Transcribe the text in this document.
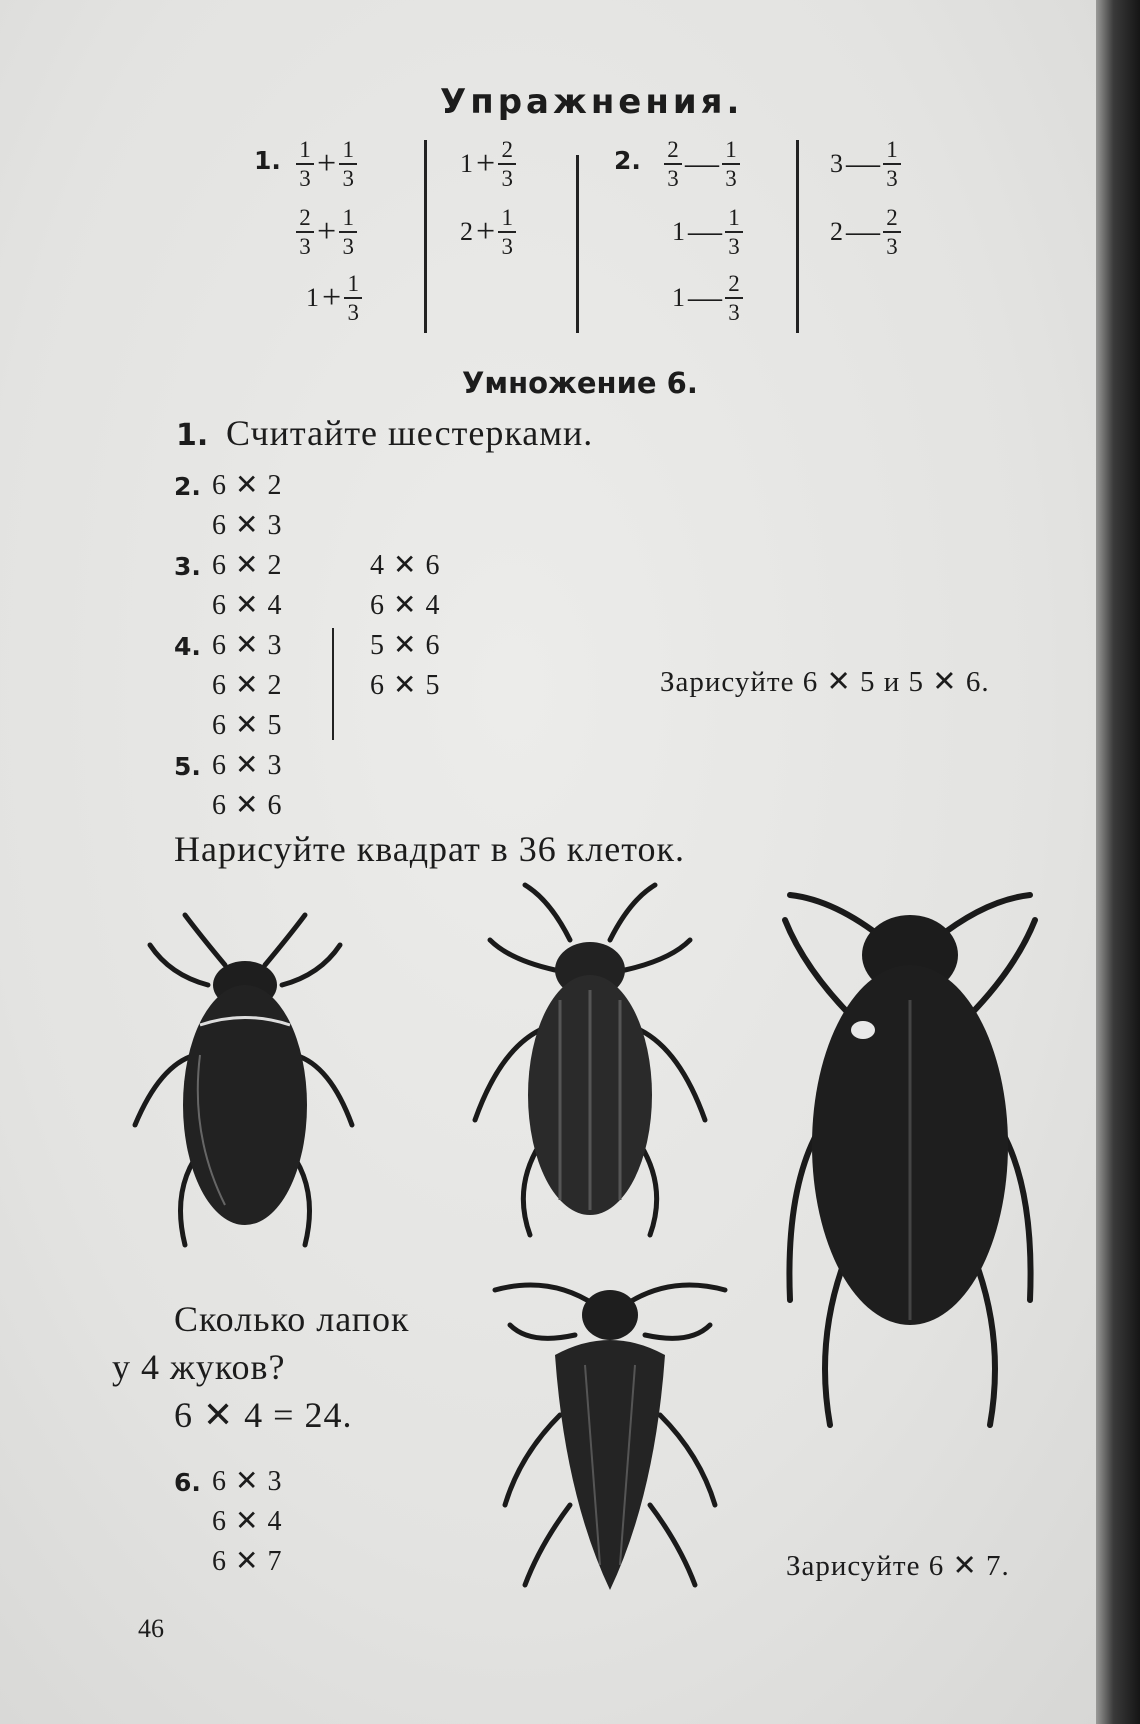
Упражнения.
1. $\frac{1}{3} + \frac{1}{3}$
$\frac{2}{3} + \frac{1}{3}$
$1+ \frac{1}{3}$
$1+ \frac{2}{3}$
$2+ \frac{1}{3}$
2. $\frac{2}{3}$ — $\frac{1}{3}$
1— $\frac{1}{3}$
1— $\frac{2}{3}$
3— $\frac{1}{3}$
2— $\frac{2}{3}$
Умножение 6.
1. Считайте шестерками.
2. 6 ✕ 2
6 ✕ 3
3. 6 ✕ 2
6 ✕ 4
4 ✕ 6
6 ✕ 4
4. 6 ✕ 3
6 ✕ 2
6 ✕ 5
5 ✕ 6
6 ✕ 5	Зарисуйте 6 ✕ 5 и 5 ✕ 6.
5. 6 ✕ 3
6 ✕ 6
Нарисуйте квадрат в 36 клеток.
Сколько лапок
у 4 жуков?
6 ✕ 4 = 24.
6. 6 ✕ 3
6 ✕ 4
6 ✕ 7	Зарисуйте 6 ✕ 7.
46
